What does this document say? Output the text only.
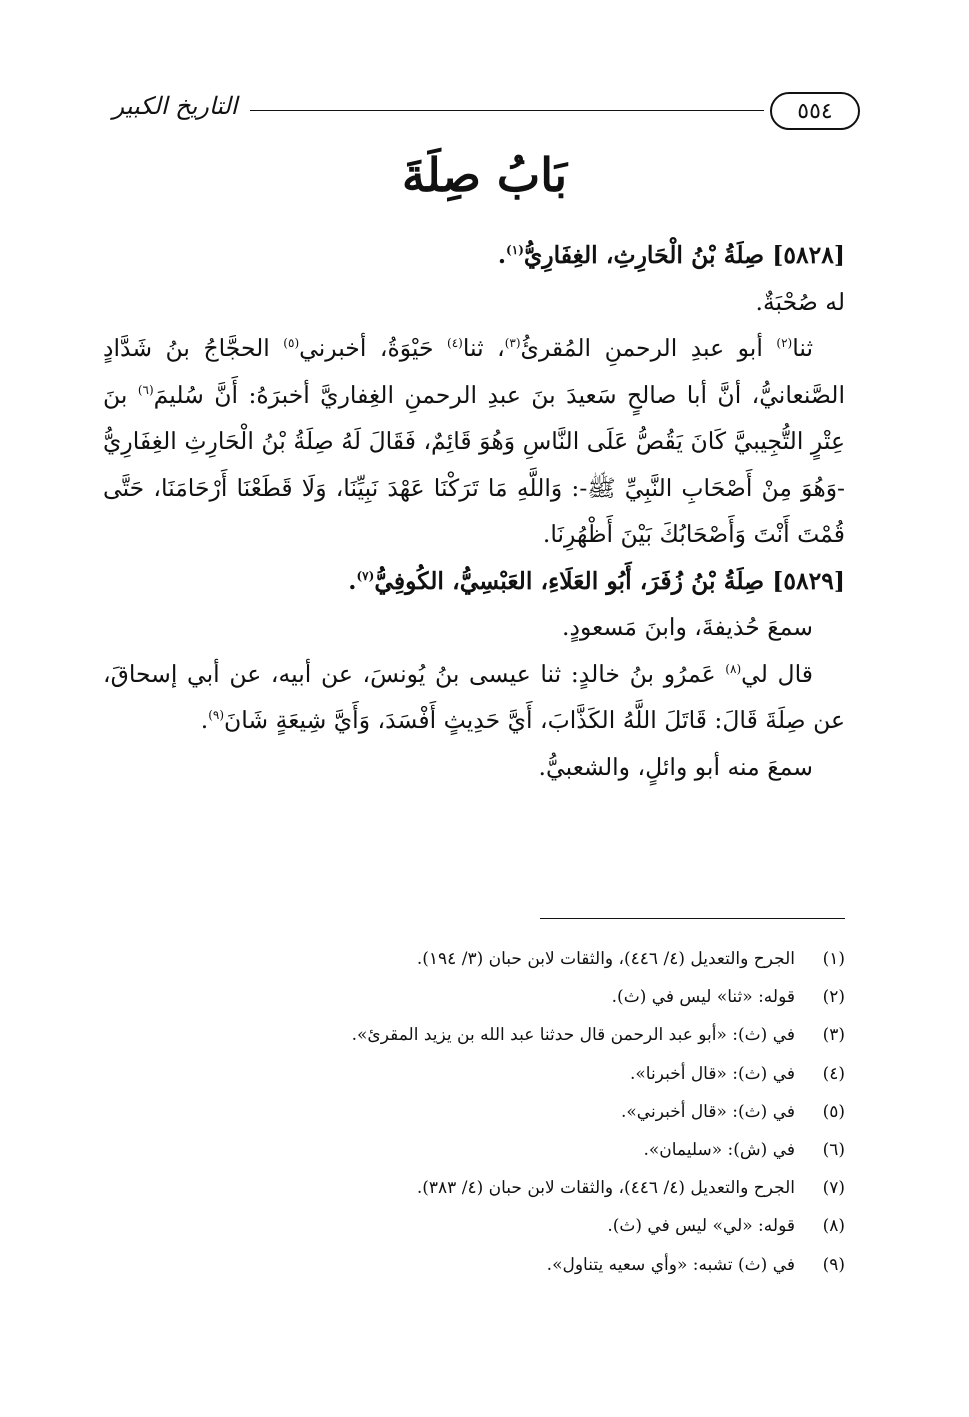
٥٥٤
التاريخ الكبير
بَابُ صِلَةَ

[٥٨٢٨] صِلَةُ بْنُ الْحَارِثِ، الغِفَارِيُّ$^{(١)}$.

له صُحْبَةٌ.

ثنا$^{(٢)}$ أبو عبدِ الرحمنِ المُقرئُ$^{(٣)}$، ثنا$^{(٤)}$ حَيْوَةُ، أخبرني$^{(٥)}$ الحجَّاجُ بنُ شَدَّادٍ الصَّنعانيُّ، أنَّ أبا صالحٍ سَعيدَ بنَ عبدِ الرحمنِ الغِفاريَّ أخبرَهُ: أَنَّ سُليمَ$^{(٦)}$ بنَ عِتْرٍ التُّجِيبيَّ كَانَ يَقُصُّ عَلَى النَّاسِ وَهُوَ قَائِمٌ، فَقَالَ لَهُ صِلَةُ بْنُ الْحَارِثِ الغِفَارِيُّ -وَهُوَ مِنْ أَصْحَابِ النَّبِيِّ ﷺ-: وَاللَّهِ مَا تَرَكْنَا عَهْدَ نَبِيِّنَا، وَلَا قَطَعْنَا أَرْحَامَنَا، حَتَّى قُمْتَ أَنْتَ وَأَصْحَابُكَ بَيْنَ أَظْهُرِنَا.

[٥٨٢٩] صِلَةُ بْنُ زُفَرَ، أَبُو العَلَاءِ، العَبْسِيُّ، الكُوفِيُّ$^{(٧)}$.

سمعَ حُذيفةَ، وابنَ مَسعودٍ.

قال لي$^{(٨)}$ عَمرُو بنُ خالدٍ: ثنا عيسى بنُ يُونسَ، عن أبيه، عن أبي إسحاقَ، عن صِلَةَ قَالَ: قَاتَلَ اللَّهُ الكَذَّابَ، أَيَّ حَدِيثٍ أَفْسَدَ، وَأَيَّ شِيعَةٍ شَانَ$^{(٩)}$.

سمعَ منه أبو وائلٍ، والشعبيُّ.

(١)
الجرح والتعديل (٤/ ٤٤٦)، والثقات لابن حبان (٣/ ١٩٤).
(٢)
قوله: «ثنا» ليس في (ث).
(٣)
في (ث): «أبو عبد الرحمن قال حدثنا عبد الله بن يزيد المقرئ».
(٤)
في (ث): «قال أخبرنا».
(٥)
في (ث): «قال أخبرني».
(٦)
في (ش): «سليمان».
(٧)
الجرح والتعديل (٤/ ٤٤٦)، والثقات لابن حبان (٤/ ٣٨٣).
(٨)
قوله: «لي» ليس في (ث).
(٩)
في (ث) تشبه: «وأي سعيه يتناول».
